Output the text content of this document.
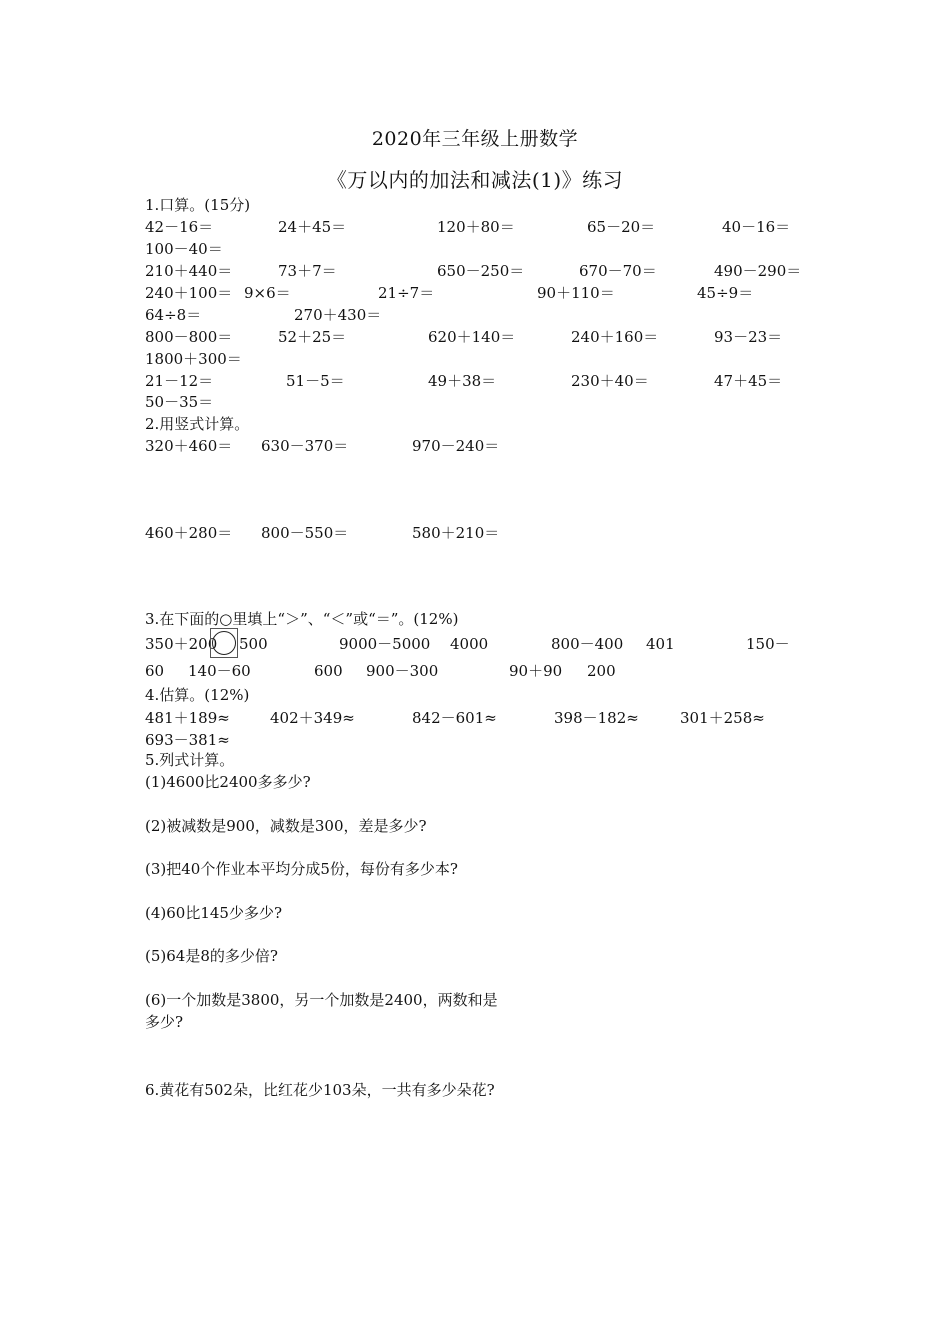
2020年三年级上册数学
《万以内的加法和减法(1)》练习
1.口算。(15分)
42－16＝	24＋45＝	120＋80＝	65－20＝	40－16＝
100－40＝
210＋440＝	73＋7＝	650－250＝	670－70＝	490－290＝
240＋100＝ 9×6＝	21÷7＝	90＋110＝	45÷9＝
64÷8＝	270＋430＝
800－800＝	52＋25＝	620＋140＝	240＋160＝	93－23＝
1800＋300＝
21－12＝	51－5＝	49＋38＝	230＋40＝	47＋45＝
50－35＝
2.用竖式计算。
320＋460＝ 630－370＝	970－240＝
460＋280＝ 800－550＝	580＋210＝
3.在下面的○里填上“＞”、“＜”或“＝”。(12%)
350＋200 500	9000－5000 4000	800－400 401	150－
60 140－60	600 900－300	90＋90 200
4.估算。(12%)
481＋189≈	402＋349≈	842－601≈	398－182≈	301＋258≈
693－381≈
5.列式计算。
(1)4600比2400多多少?
(2)被减数是900，减数是300，差是多少?
(3)把40个作业本平均分成5份，每份有多少本?
(4)60比145少多少?
(5)64是8的多少倍?
(6)一个加数是3800，另一个加数是2400，两数和是
多少?
6.黄花有502朵，比红花少103朵，一共有多少朵花?
